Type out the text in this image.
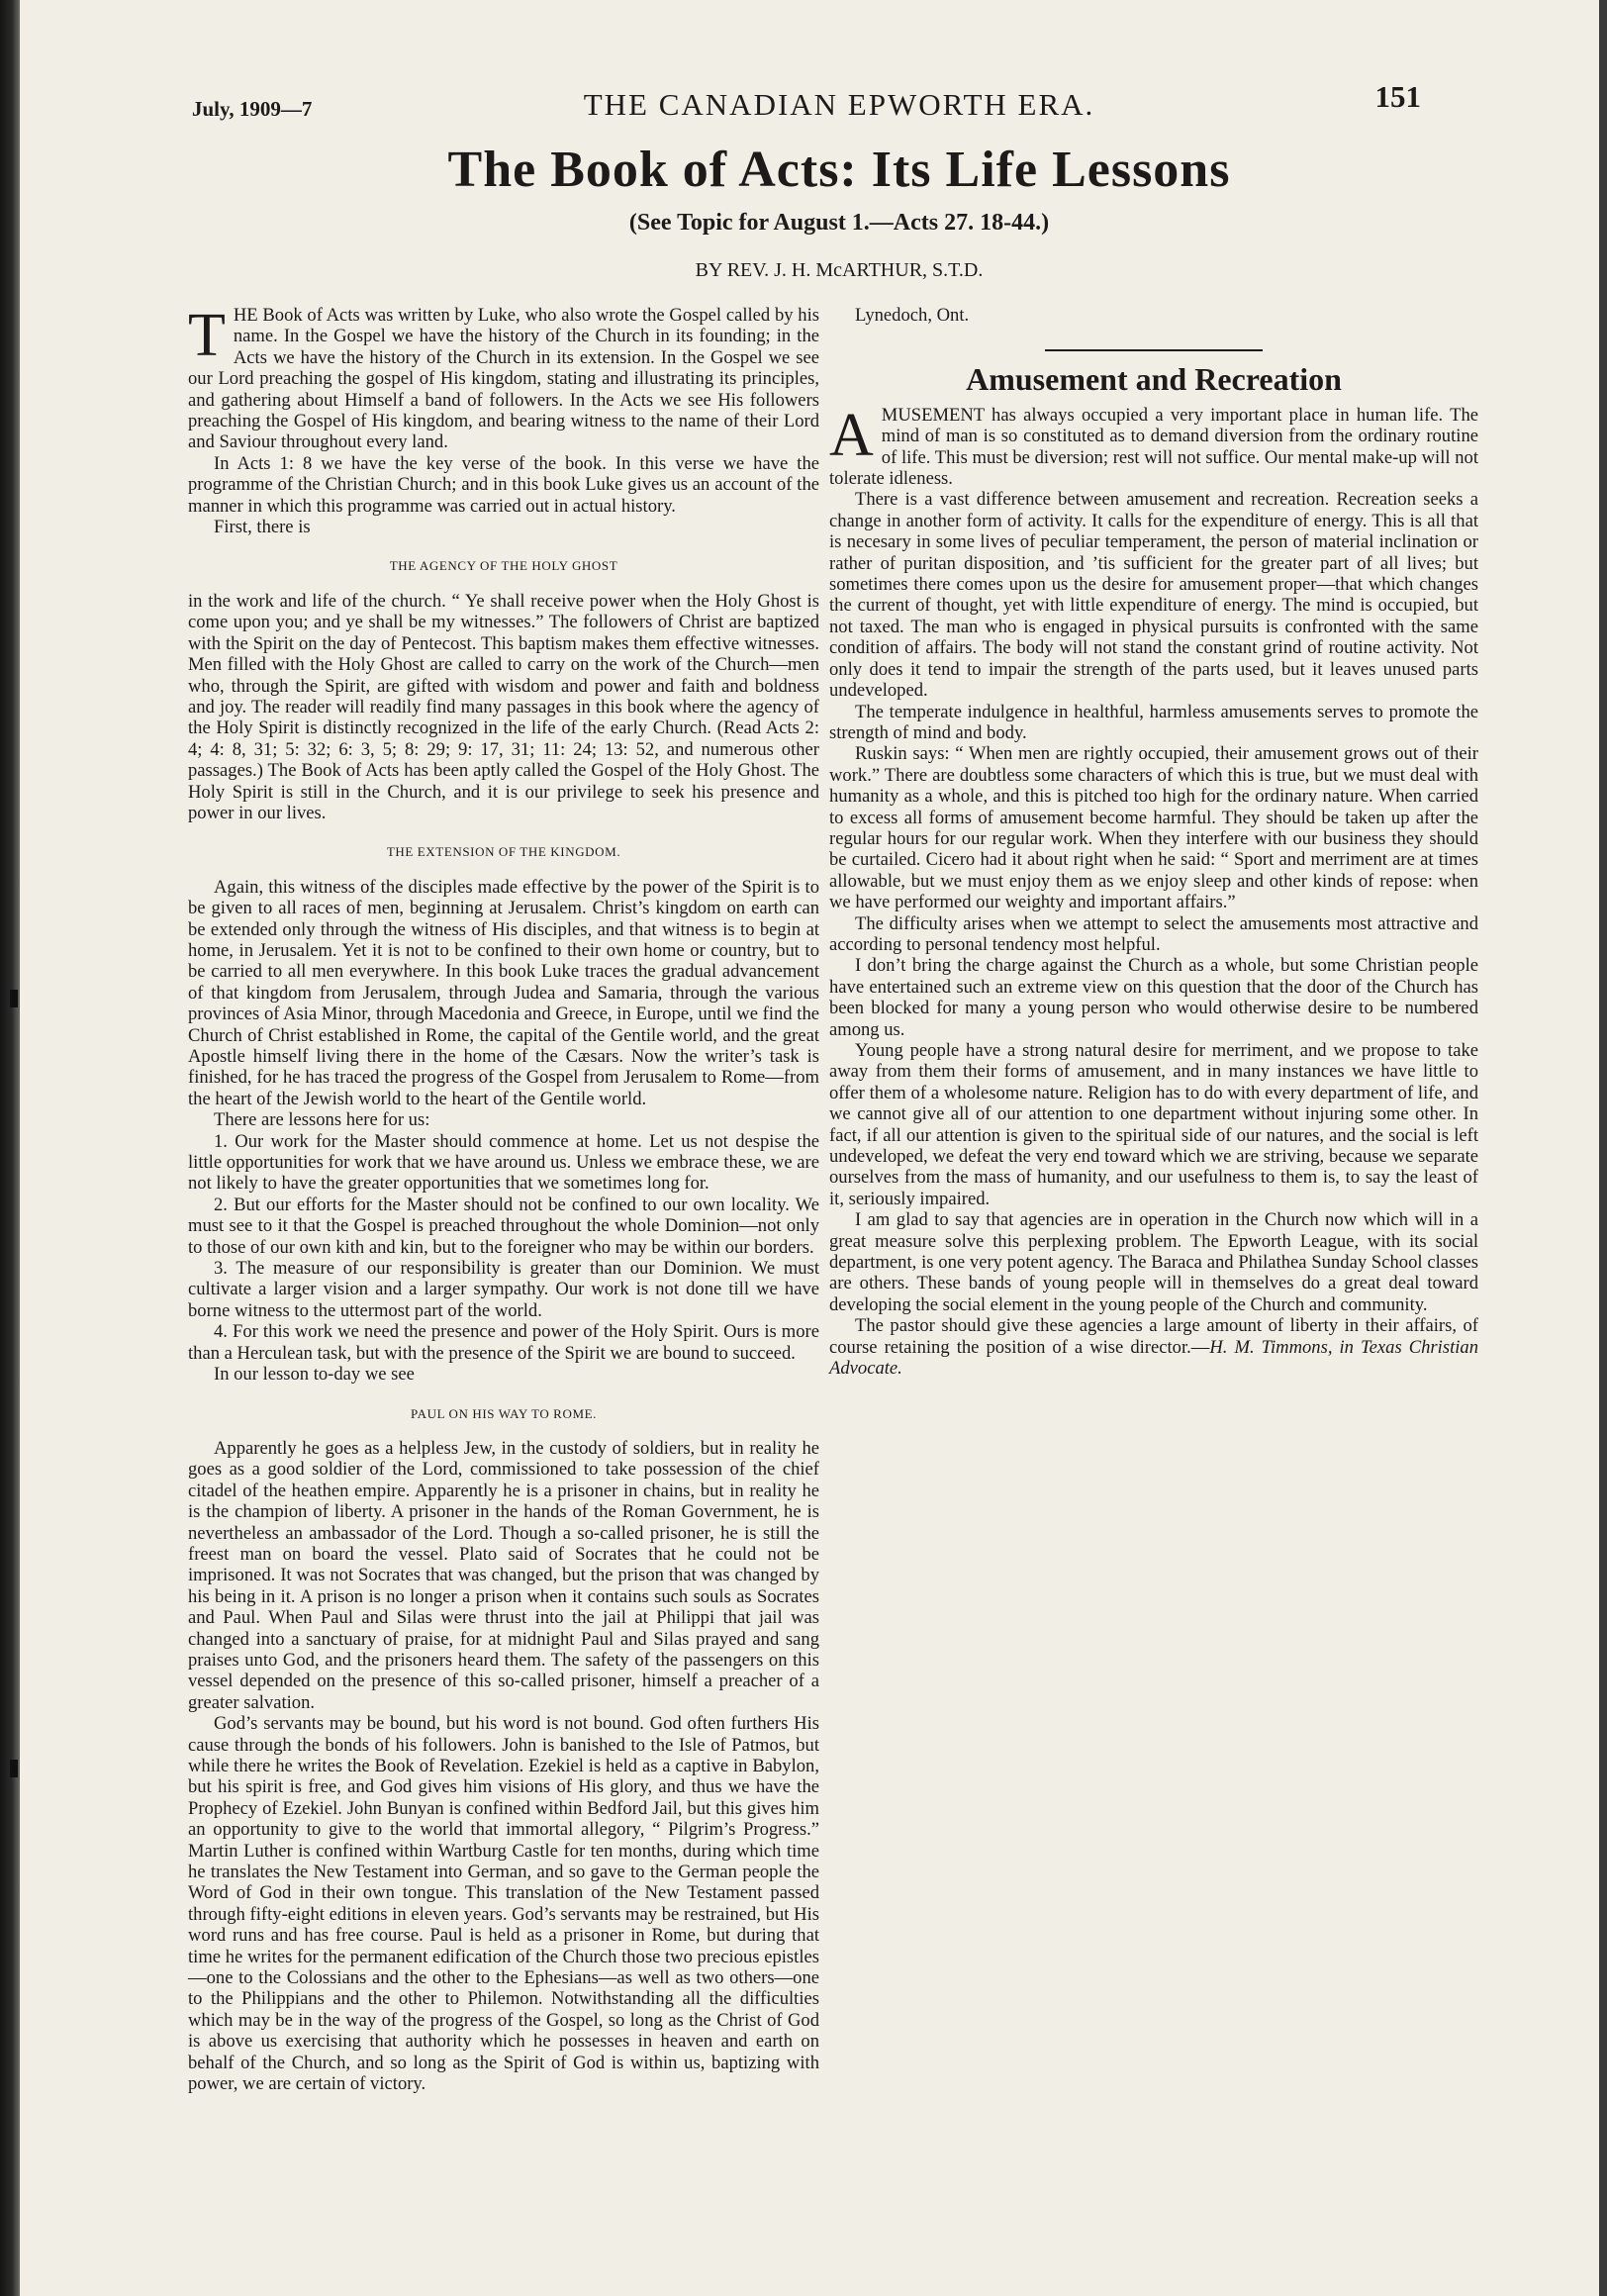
July, 1909—7	THE CANADIAN EPWORTH ERA.	151
The Book of Acts: Its Life Lessons
(See Topic for August 1.—Acts 27. 18-44.)
BY REV. J. H. McARTHUR, S.T.D.

THE Book of Acts was written by Luke, who also wrote the Gospel called by his name. In the Gospel we have the history of the Church in its founding; in the Acts we have the history of the Church in its extension. In the Gospel we see our Lord preaching the gospel of His kingdom, stating and illustrating its principles, and gathering about Himself a band of followers. In the Acts we see His followers preaching the Gospel of His kingdom, and bearing witness to the name of their Lord and Saviour throughout every land.

In Acts 1: 8 we have the key verse of the book. In this verse we have the programme of the Christian Church; and in this book Luke gives us an account of the manner in which this programme was carried out in actual history.

First, there is

THE AGENCY OF THE HOLY GHOST

in the work and life of the church. “ Ye shall receive power when the Holy Ghost is come upon you; and ye shall be my witnesses.” The followers of Christ are baptized with the Spirit on the day of Pentecost. This baptism makes them effective witnesses. Men filled with the Holy Ghost are called to carry on the work of the Church—men who, through the Spirit, are gifted with wisdom and power and faith and boldness and joy. The reader will readily find many passages in this book where the agency of the Holy Spirit is distinctly recognized in the life of the early Church. (Read Acts 2: 4; 4: 8, 31; 5: 32; 6: 3, 5; 8: 29; 9: 17, 31; 11: 24; 13: 52, and numerous other passages.) The Book of Acts has been aptly called the Gospel of the Holy Ghost. The Holy Spirit is still in the Church, and it is our privilege to seek his presence and power in our lives.

THE EXTENSION OF THE KINGDOM.

Again, this witness of the disciples made effective by the power of the Spirit is to be given to all races of men, beginning at Jerusalem. Christ’s kingdom on earth can be extended only through the witness of His disciples, and that witness is to begin at home, in Jerusalem. Yet it is not to be confined to their own home or country, but to be carried to all men everywhere. In this book Luke traces the gradual advancement of that kingdom from Jerusalem, through Judea and Samaria, through the various provinces of Asia Minor, through Macedonia and Greece, in Europe, until we find the Church of Christ established in Rome, the capital of the Gentile world, and the great Apostle himself living there in the home of the Cæsars. Now the writer’s task is finished, for he has traced the progress of the Gospel from Jerusalem to Rome—from the heart of the Jewish world to the heart of the Gentile world.

There are lessons here for us:

1. Our work for the Master should commence at home. Let us not despise the little opportunities for work that we have around us. Unless we embrace these, we are not likely to have the greater opportunities that we sometimes long for.

2. But our efforts for the Master should not be confined to our own locality. We must see to it that the Gospel is preached throughout the whole Dominion—not only to those of our own kith and kin, but to the foreigner who may be within our borders.

3. The measure of our responsibility is greater than our Dominion. We must cultivate a larger vision and a larger sympathy. Our work is not done till we have borne witness to the uttermost part of the world.

4. For this work we need the presence and power of the Holy Spirit. Ours is more than a Herculean task, but with the presence of the Spirit we are bound to succeed.

In our lesson to-day we see

PAUL ON HIS WAY TO ROME.

Apparently he goes as a helpless Jew, in the custody of soldiers, but in reality he goes as a good soldier of the Lord, commissioned to take possession of the chief citadel of the heathen empire. Apparently he is a prisoner in chains, but in reality he is the champion of liberty. A prisoner in the hands of the Roman Government, he is nevertheless an ambassador of the Lord. Though a so-called prisoner, he is still the freest man on board the vessel. Plato said of Socrates that he could not be imprisoned. It was not Socrates that was changed, but the prison that was changed by his being in it. A prison is no longer a prison when it contains such souls as Socrates and Paul. When Paul and Silas were thrust into the jail at Philippi that jail was changed into a sanctuary of praise, for at midnight Paul and Silas prayed and sang praises unto God, and the prisoners heard them. The safety of the passengers on this vessel depended on the presence of this so-called prisoner, himself a preacher of a greater salvation.

God’s servants may be bound, but his word is not bound. God often furthers His cause through the bonds of his followers. John is banished to the Isle of Patmos, but while there he writes the Book of Revelation. Ezekiel is held as a captive in Babylon, but his spirit is free, and God gives him visions of His glory, and thus we have the Prophecy of Ezekiel. John Bunyan is confined within Bedford Jail, but this gives him an opportunity to give to the world that immortal allegory, “ Pilgrim’s Progress.” Martin Luther is confined within Wartburg Castle for ten months, during which time he translates the New Testament into German, and so gave to the German people the Word of God in their own tongue. This translation of the New Testament passed through fifty-eight editions in eleven years. God’s servants may be restrained, but His word runs and has free course. Paul is held as a prisoner in Rome, but during that time he writes for the permanent edification of the Church those two precious epistles—one to the Colossians and the other to the Ephesians—as well as two others—one to the Philippians and the other to Philemon. Notwithstanding all the difficulties which may be in the way of the progress of the Gospel, so long as the Christ of God is above us exercising that authority which he possesses in heaven and earth on behalf of the Church, and so long as the Spirit of God is within us, baptizing with power, we are certain of victory.

Lynedoch, Ont.

Amusement and Recreation

AMUSEMENT has always occupied a very important place in human life. The mind of man is so constituted as to demand diversion from the ordinary routine of life. This must be diversion; rest will not suffice. Our mental make-up will not tolerate idleness.

There is a vast difference between amusement and recreation. Recreation seeks a change in another form of activity. It calls for the expenditure of energy. This is all that is necesary in some lives of peculiar temperament, the person of material inclination or rather of puritan disposition, and ’tis sufficient for the greater part of all lives; but sometimes there comes upon us the desire for amusement proper—that which changes the current of thought, yet with little expenditure of energy. The mind is occupied, but not taxed. The man who is engaged in physical pursuits is confronted with the same condition of affairs. The body will not stand the constant grind of routine activity. Not only does it tend to impair the strength of the parts used, but it leaves unused parts undeveloped.

The temperate indulgence in healthful, harmless amusements serves to promote the strength of mind and body.

Ruskin says: “ When men are rightly occupied, their amusement grows out of their work.” There are doubtless some characters of which this is true, but we must deal with humanity as a whole, and this is pitched too high for the ordinary nature. When carried to excess all forms of amusement become harmful. They should be taken up after the regular hours for our regular work. When they interfere with our business they should be curtailed. Cicero had it about right when he said: “ Sport and merriment are at times allowable, but we must enjoy them as we enjoy sleep and other kinds of repose: when we have performed our weighty and important affairs.”

The difficulty arises when we attempt to select the amusements most attractive and according to personal tendency most helpful.

I don’t bring the charge against the Church as a whole, but some Christian people have entertained such an extreme view on this question that the door of the Church has been blocked for many a young person who would otherwise desire to be numbered among us.

Young people have a strong natural desire for merriment, and we propose to take away from them their forms of amusement, and in many instances we have little to offer them of a wholesome nature. Religion has to do with every department of life, and we cannot give all of our attention to one department without injuring some other. In fact, if all our attention is given to the spiritual side of our natures, and the social is left undeveloped, we defeat the very end toward which we are striving, because we separate ourselves from the mass of humanity, and our usefulness to them is, to say the least of it, seriously impaired.

I am glad to say that agencies are in operation in the Church now which will in a great measure solve this perplexing problem. The Epworth League, with its social department, is one very potent agency. The Baraca and Philathea Sunday School classes are others. These bands of young people will in themselves do a great deal toward developing the social element in the young people of the Church and community.

The pastor should give these agencies a large amount of liberty in their affairs, of course retaining the position of a wise director.—H. M. Timmons, in Texas Christian Advocate.
